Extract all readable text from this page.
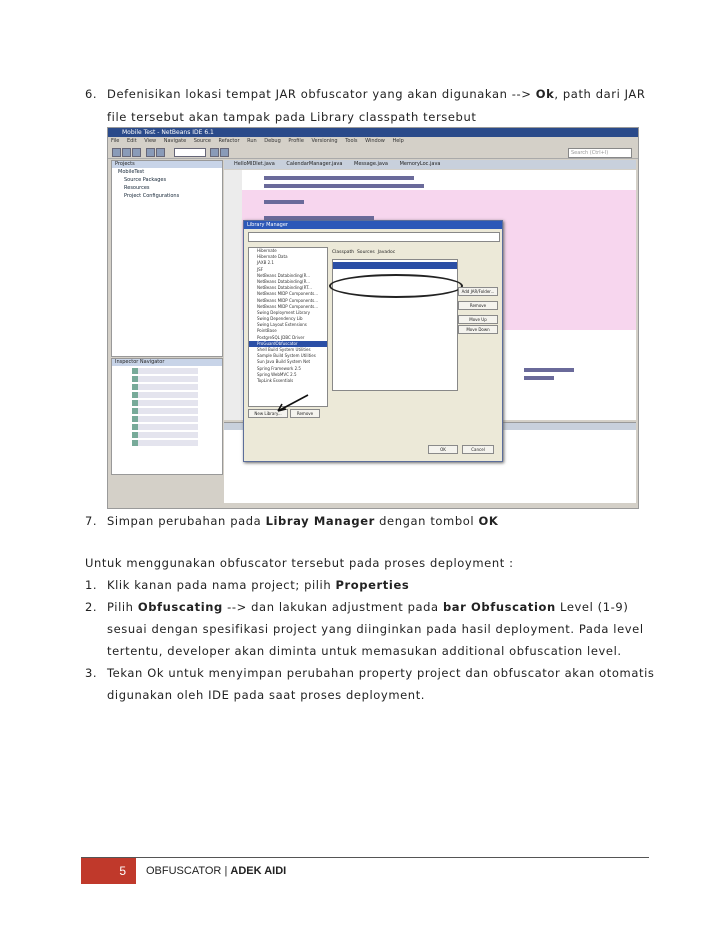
6. Defenisikan lokasi tempat JAR obfuscator yang akan digunakan --> Ok, path dari JAR
file tersebut akan tampak pada Library classpath tersebut
Mobile Test - NetBeans IDE 6.1
File Edit View Navigate Source Refactor Run Debug Profile Versioning Tools Window Help
Search (Ctrl+I)
Projects
MobileTest
Source Packages
Resources
Project Configurations
Inspector Navigator
HelloMIDlet.java CalendarManager.java Message.java MemoryLoc.java
Library Manager
Hibernate
Hibernate Data
JAXB 2.1
JSF
NetBeans Databinding(R...
NetBeans Databinding(R...
NetBeans Databinding(RT...
NetBeans MIDP Components...
NetBeans MIDP Components...
NetBeans MIDP Components...
Swing Deployment Library
Swing Dependency Lib
Swing Layout Extensions
PointBase
PostgreSQL JDBC Driver
ProGuardObfuscator
Shell Build System Utilities
Sample Build System Utilities
Sun Java Build System Net
Spring Framework 2.5
Spring WebMVC 2.5
TopLink Essentials
Classpath Sources Javadoc
Add JAR/Folder...
Remove
Move Up
Move Down
New Library...	Remove
OK	Cancel
7. Simpan perubahan pada Libray Manager dengan tombol OK
Untuk menggunakan obfuscator tersebut pada proses deployment :
1. Klik kanan pada nama project; pilih Properties
2. Pilih Obfuscating --> dan lakukan adjustment pada bar Obfuscation Level (1-9)
sesuai dengan spesifikasi project yang diinginkan pada hasil deployment. Pada level
tertentu, developer akan diminta untuk memasukan additional obfuscation level.
3. Tekan Ok untuk menyimpan perubahan property project dan obfuscator akan otomatis
digunakan oleh IDE pada saat proses deployment.
5	OBFUSCATOR | ADEK AIDI
